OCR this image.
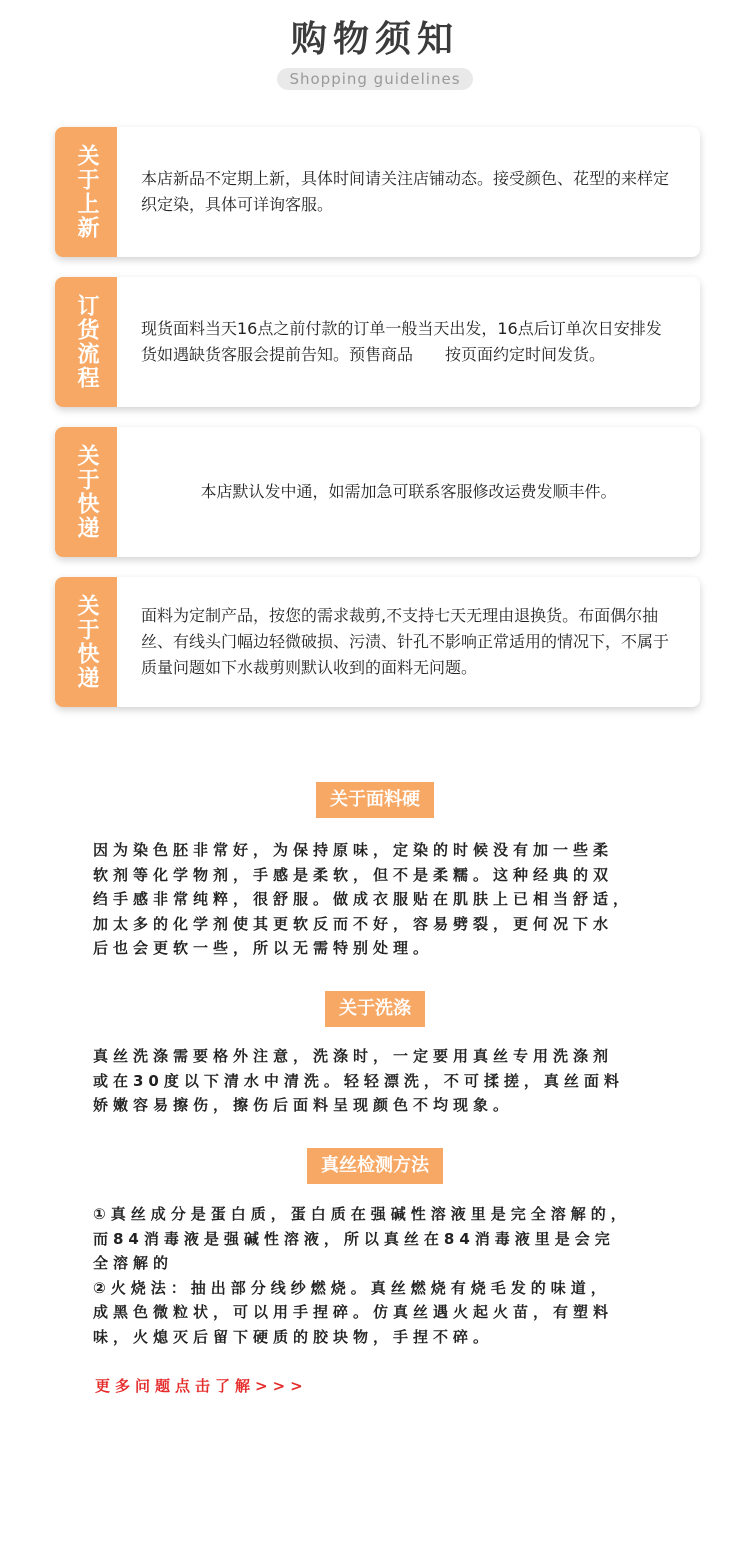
购物须知
Shopping guidelines
关于上新	本店新品不定期上新，具体时间请关注店铺动态。接受颜色、花型的来样定织定染，具体可详询客服。
订货流程	现货面料当天16点之前付款的订单一般当天出发，16点后订单次日安排发货如遇缺货客服会提前告知。预售商品　　按页面约定时间发货。
关于快递	本店默认发中通，如需加急可联系客服修改运费发顺丰件。
关于快递	面料为定制产品，按您的需求裁剪,不支持七天无理由退换货。布面偶尔抽丝、有线头门幅边轻微破损、污渍、针孔不影响正常适用的情况下，不属于质量问题如下水裁剪则默认收到的面料无问题。
关于面料硬
因为染色胚非常好，为保持原味，定染的时候没有加一些柔
软剂等化学物剂，手感是柔软，但不是柔糯。这种经典的双
绉手感非常纯粹，很舒服。做成衣服贴在肌肤上已相当舒适，
加太多的化学剂使其更软反而不好，容易劈裂，更何况下水
后也会更软一些，所以无需特别处理。
关于洗涤
真丝洗涤需要格外注意，洗涤时，一定要用真丝专用洗涤剂
或在30度以下清水中清洗。轻轻漂洗，不可揉搓，真丝面料
娇嫩容易擦伤，擦伤后面料呈现颜色不均现象。
真丝检测方法
①真丝成分是蛋白质，蛋白质在强碱性溶液里是完全溶解的，
而84消毒液是强碱性溶液，所以真丝在84消毒液里是会完
全溶解的
②火烧法：抽出部分线纱燃烧。真丝燃烧有烧毛发的味道，
成黑色微粒状，可以用手捏碎。仿真丝遇火起火苗，有塑料
味，火熄灭后留下硬质的胶块物，手捏不碎。
更多问题点击了解>>>
